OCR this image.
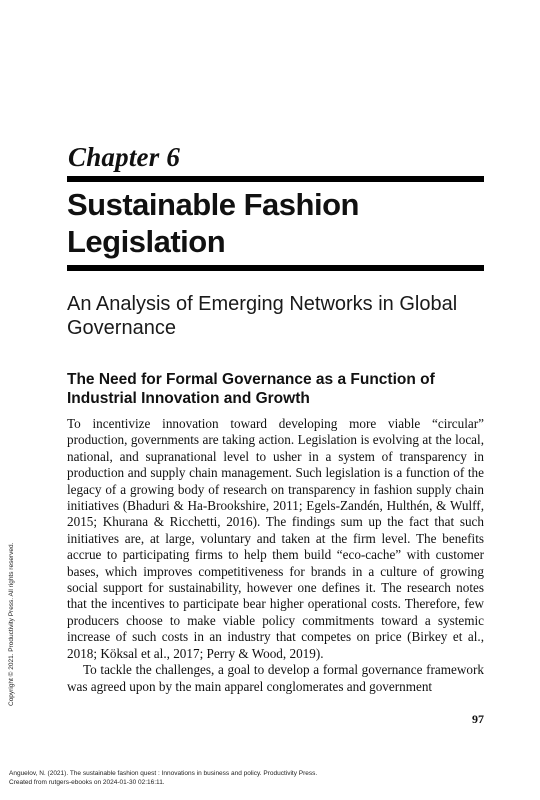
Chapter 6
Sustainable Fashion Legislation
An Analysis of Emerging Networks in Global Governance
The Need for Formal Governance as a Function of Industrial Innovation and Growth

To incentivize innovation toward developing more viable “circular” production, governments are taking action. Legislation is evolving at the local, national, and supranational level to usher in a system of transparency in production and supply chain management. Such legislation is a function of the legacy of a growing body of research on transparency in fashion supply chain initiatives (Bhaduri & Ha-Brookshire, 2011; Egels-Zandén, Hulthén, & Wulff, 2015; Khurana & Ricchetti, 2016). The findings sum up the fact that such initiatives are, at large, voluntary and taken at the firm level. The benefits accrue to participating firms to help them build “eco-cache” with customer bases, which improves competitiveness for brands in a culture of growing social support for sustainability, however one defines it. The research notes that the incentives to participate bear higher operational costs. Therefore, few producers choose to make viable policy commitments toward a systemic increase of such costs in an industry that competes on price (Birkey et al., 2018; Köksal et al., 2017; Perry & Wood, 2019).

To tackle the challenges, a goal to develop a formal governance framework was agreed upon by the main apparel conglomerates and government

97
Copyright © 2021. Productivity Press. All rights reserved.
Anguelov, N. (2021). The sustainable fashion quest : Innovations in business and policy. Productivity Press.
Created from rutgers-ebooks on 2024-01-30 02:16:11.
